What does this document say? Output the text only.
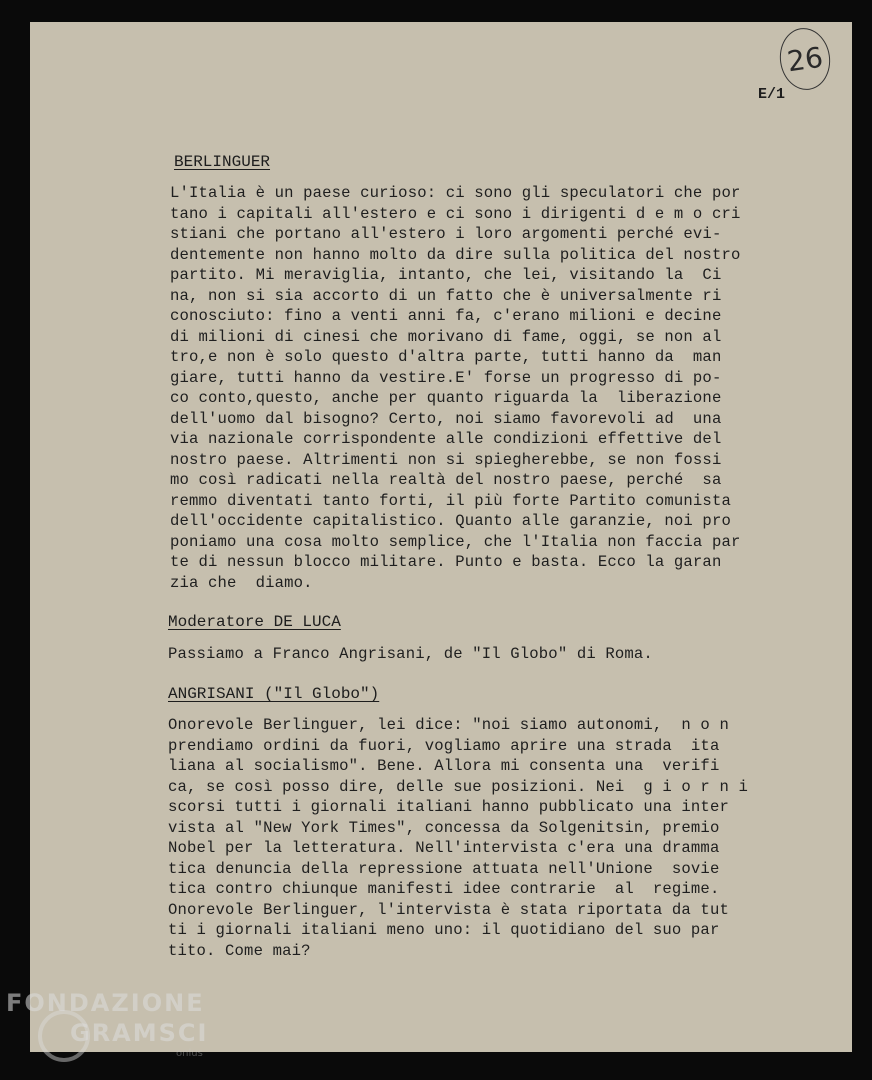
26
E/1
BERLINGUER
L'Italia è un paese curioso: ci sono gli speculatori che por
tano i capitali all'estero e ci sono i dirigenti d e m o cri
stiani che portano all'estero i loro argomenti perché evi-
dentemente non hanno molto da dire sulla politica del nostro
partito. Mi meraviglia, intanto, che lei, visitando la  Ci
na, non si sia accorto di un fatto che è universalmente ri
conosciuto: fino a venti anni fa, c'erano milioni e decine
di milioni di cinesi che morivano di fame, oggi, se non al
tro,e non è solo questo d'altra parte, tutti hanno da  man
giare, tutti hanno da vestire.E' forse un progresso di po-
co conto,questo, anche per quanto riguarda la  liberazione
dell'uomo dal bisogno? Certo, noi siamo favorevoli ad  una
via nazionale corrispondente alle condizioni effettive del
nostro paese. Altrimenti non si spiegherebbe, se non fossi
mo così radicati nella realtà del nostro paese, perché  sa
remmo diventati tanto forti, il più forte Partito comunista
dell'occidente capitalistico. Quanto alle garanzie, noi pro
poniamo una cosa molto semplice, che l'Italia non faccia par
te di nessun blocco militare. Punto e basta. Ecco la garan
zia che  diamo.
Moderatore DE LUCA
Passiamo a Franco Angrisani, de "Il Globo" di Roma.
ANGRISANI ("Il Globo")
Onorevole Berlinguer, lei dice: "noi siamo autonomi,  n o n
prendiamo ordini da fuori, vogliamo aprire una strada  ita
liana al socialismo". Bene. Allora mi consenta una  verifi
ca, se così posso dire, delle sue posizioni. Nei  g i o r n i
scorsi tutti i giornali italiani hanno pubblicato una inter
vista al "New York Times", concessa da Solgenitsin, premio
Nobel per la letteratura. Nell'intervista c'era una dramma
tica denuncia della repressione attuata nell'Unione  sovie
tica contro chiunque manifesti idee contrarie  al  regime.
Onorevole Berlinguer, l'intervista è stata riportata da tut
ti i giornali italiani meno uno: il quotidiano del suo par
tito. Come mai?
FONDAZIONE
GRAMSCI
onlus
